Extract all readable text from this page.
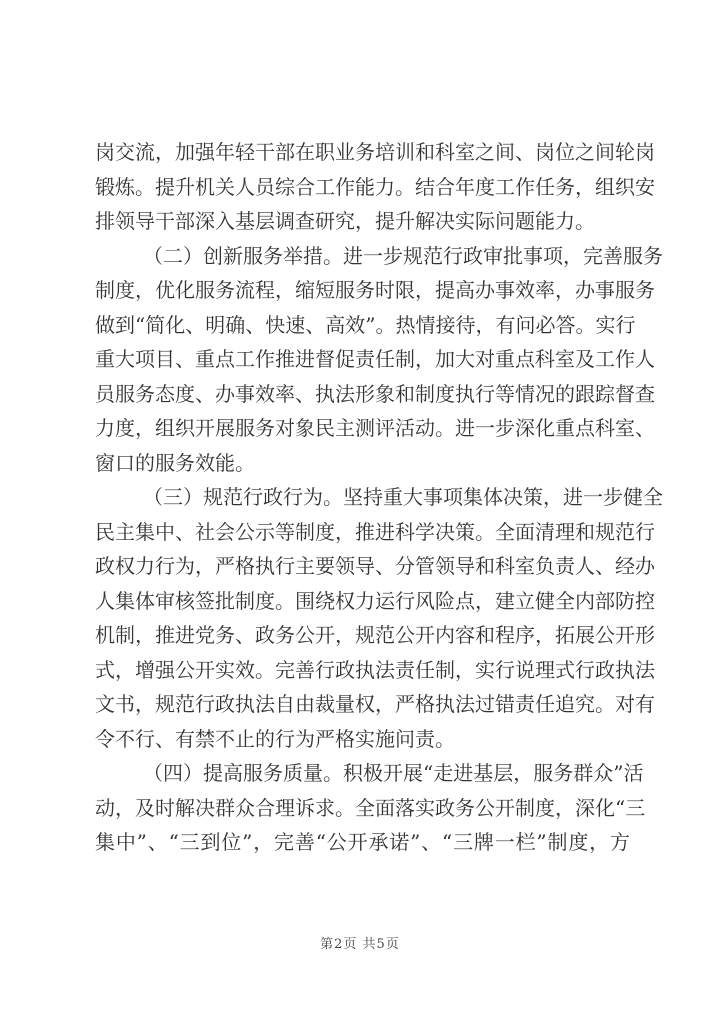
岗交流，加强年轻干部在职业务培训和科室之间、岗位之间轮岗
锻炼。提升机关人员综合工作能力。结合年度工作任务，组织安
排领导干部深入基层调查研究，提升解决实际问题能力。
（二）创新服务举措。进一步规范行政审批事项，完善服务
制度，优化服务流程，缩短服务时限，提高办事效率，办事服务
做到“简化、明确、快速、高效”。热情接待，有问必答。实行
重大项目、重点工作推进督促责任制，加大对重点科室及工作人
员服务态度、办事效率、执法形象和制度执行等情况的跟踪督查
力度，组织开展服务对象民主测评活动。进一步深化重点科室、
窗口的服务效能。
（三）规范行政行为。坚持重大事项集体决策，进一步健全
民主集中、社会公示等制度，推进科学决策。全面清理和规范行
政权力行为，严格执行主要领导、分管领导和科室负责人、经办
人集体审核签批制度。围绕权力运行风险点，建立健全内部防控
机制，推进党务、政务公开，规范公开内容和程序，拓展公开形
式，增强公开实效。完善行政执法责任制，实行说理式行政执法
文书，规范行政执法自由裁量权，严格执法过错责任追究。对有
令不行、有禁不止的行为严格实施问责。
（四）提高服务质量。积极开展“走进基层，服务群众”活
动，及时解决群众合理诉求。全面落实政务公开制度，深化“三
集中”、“三到位”，完善“公开承诺”、“三牌一栏”制度，方
第2页 共5页
